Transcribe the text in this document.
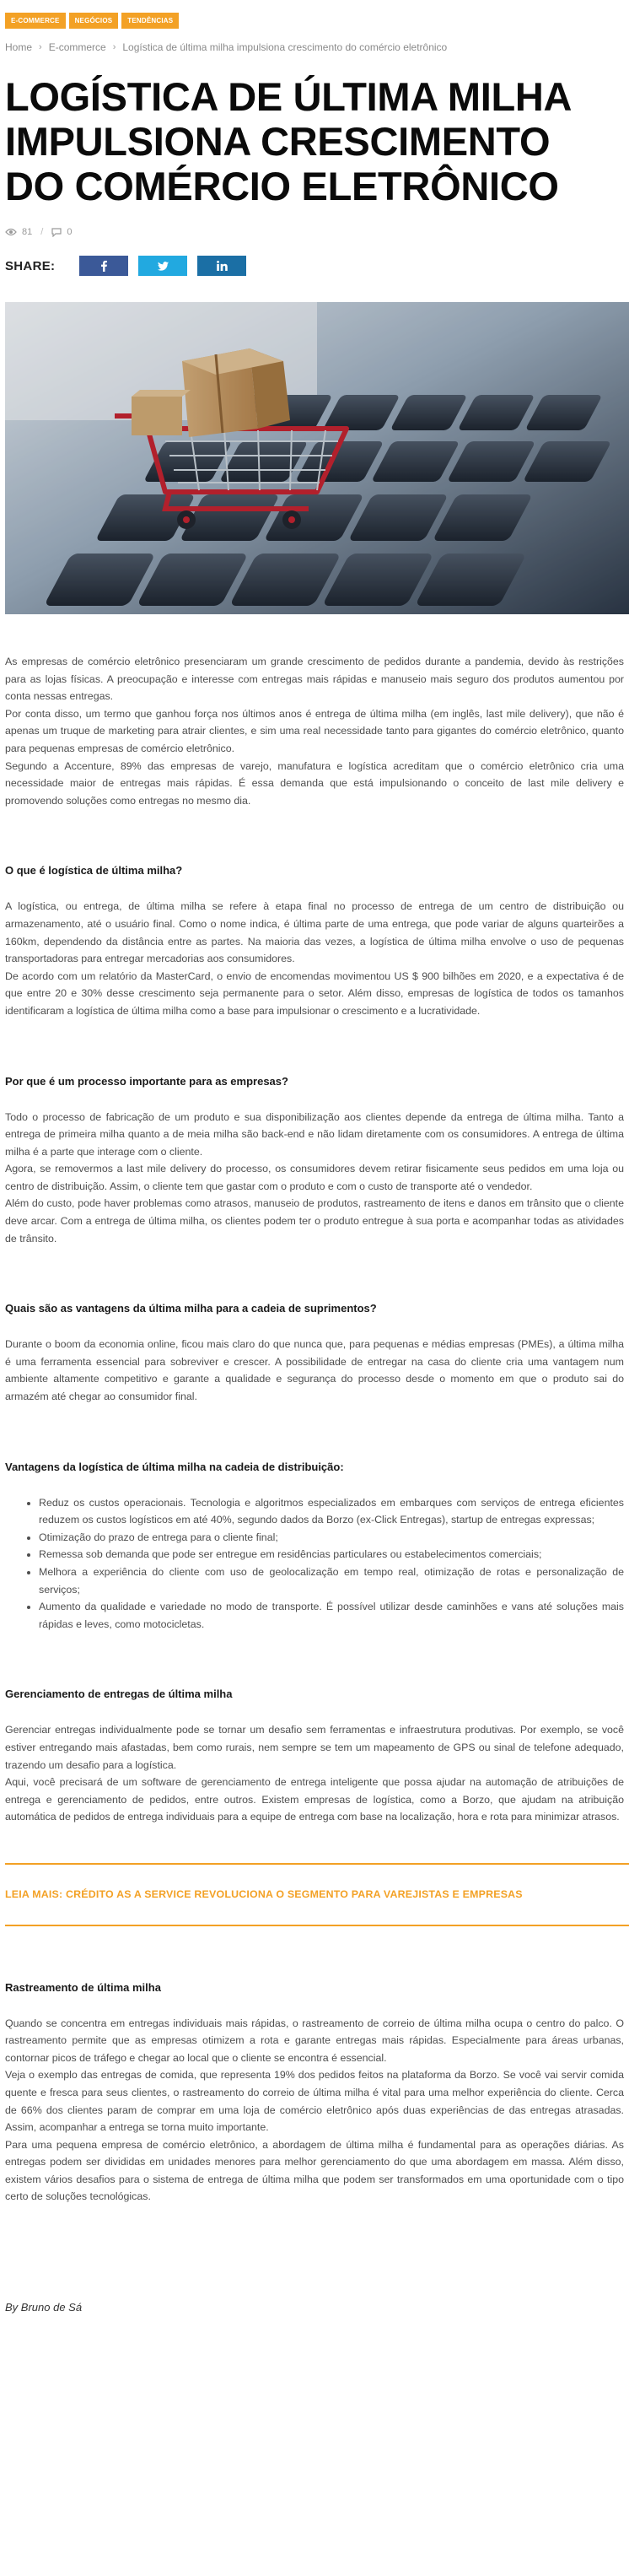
E-COMMERCE	NEGÓCIOS	TENDÊNCIAS
Home › E-commerce › Logística de última milha impulsiona crescimento do comércio eletrônico
LOGÍSTICA DE ÚLTIMA MILHA IMPULSIONA CRESCIMENTO DO COMÉRCIO ELETRÔNICO
81 /	0
SHARE:

As empresas de comércio eletrônico presenciaram um grande crescimento de pedidos durante a pandemia, devido às restrições para as lojas físicas. A preocupação e interesse com entregas mais rápidas e manuseio mais seguro dos produtos aumentou por conta nessas entregas.

Por conta disso, um termo que ganhou força nos últimos anos é entrega de última milha (em inglês, last mile delivery), que não é apenas um truque de marketing para atrair clientes, e sim uma real necessidade tanto para gigantes do comércio eletrônico, quanto para pequenas empresas de comércio eletrônico.

Segundo a Accenture, 89% das empresas de varejo, manufatura e logística acreditam que o comércio eletrônico cria uma necessidade maior de entregas mais rápidas. É essa demanda que está impulsionando o conceito de last mile delivery e promovendo soluções como entregas no mesmo dia.

O que é logística de última milha?

A logística, ou entrega, de última milha se refere à etapa final no processo de entrega de um centro de distribuição ou armazenamento, até o usuário final. Como o nome indica, é última parte de uma entrega, que pode variar de alguns quarteirões a 160km, dependendo da distância entre as partes. Na maioria das vezes, a logística de última milha envolve o uso de pequenas transportadoras para entregar mercadorias aos consumidores.

De acordo com um relatório da MasterCard, o envio de encomendas movimentou US $ 900 bilhões em 2020, e a expectativa é de que entre 20 e 30% desse crescimento seja permanente para o setor. Além disso, empresas de logística de todos os tamanhos identificaram a logística de última milha como a base para impulsionar o crescimento e a lucratividade.

Por que é um processo importante para as empresas?

Todo o processo de fabricação de um produto e sua disponibilização aos clientes depende da entrega de última milha. Tanto a entrega de primeira milha quanto a de meia milha são back-end e não lidam diretamente com os consumidores. A entrega de última milha é a parte que interage com o cliente.

Agora, se removermos a last mile delivery do processo, os consumidores devem retirar fisicamente seus pedidos em uma loja ou centro de distribuição. Assim, o cliente tem que gastar com o produto e com o custo de transporte até o vendedor.

Além do custo, pode haver problemas como atrasos, manuseio de produtos, rastreamento de itens e danos em trânsito que o cliente deve arcar. Com a entrega de última milha, os clientes podem ter o produto entregue à sua porta e acompanhar todas as atividades de trânsito.

Quais são as vantagens da última milha para a cadeia de suprimentos?

Durante o boom da economia online, ficou mais claro do que nunca que, para pequenas e médias empresas (PMEs), a última milha é uma ferramenta essencial para sobreviver e crescer. A possibilidade de entregar na casa do cliente cria uma vantagem num ambiente altamente competitivo e garante a qualidade e segurança do processo desde o momento em que o produto sai do armazém até chegar ao consumidor final.

Vantagens da logística de última milha na cadeia de distribuição:
• Reduz os custos operacionais. Tecnologia e algoritmos especializados em embarques com serviços de entrega eficientes reduzem os custos logísticos em até 40%, segundo dados da Borzo (ex-Click Entregas), startup de entregas expressas;
• Otimização do prazo de entrega para o cliente final;
• Remessa sob demanda que pode ser entregue em residências particulares ou estabelecimentos comerciais;
• Melhora a experiência do cliente com uso de geolocalização em tempo real, otimização de rotas e personalização de serviços;
• Aumento da qualidade e variedade no modo de transporte. É possível utilizar desde caminhões e vans até soluções mais rápidas e leves, como motocicletas.
Gerenciamento de entregas de última milha

Gerenciar entregas individualmente pode se tornar um desafio sem ferramentas e infraestrutura produtivas. Por exemplo, se você estiver entregando mais afastadas, bem como rurais, nem sempre se tem um mapeamento de GPS ou sinal de telefone adequado, trazendo um desafio para a logística.

Aqui, você precisará de um software de gerenciamento de entrega inteligente que possa ajudar na automação de atribuições de entrega e gerenciamento de pedidos, entre outros. Existem empresas de logística, como a Borzo, que ajudam na atribuição automática de pedidos de entrega individuais para a equipe de entrega com base na localização, hora e rota para minimizar atrasos.

LEIA MAIS: CRÉDITO AS A SERVICE REVOLUCIONA O SEGMENTO PARA VAREJISTAS E EMPRESAS
Rastreamento de última milha

Quando se concentra em entregas individuais mais rápidas, o rastreamento de correio de última milha ocupa o centro do palco. O rastreamento permite que as empresas otimizem a rota e garante entregas mais rápidas. Especialmente para áreas urbanas, contornar picos de tráfego e chegar ao local que o cliente se encontra é essencial.

Veja o exemplo das entregas de comida, que representa 19% dos pedidos feitos na plataforma da Borzo. Se você vai servir comida quente e fresca para seus clientes, o rastreamento do correio de última milha é vital para uma melhor experiência do cliente. Cerca de 66% dos clientes param de comprar em uma loja de comércio eletrônico após duas experiências de das entregas atrasadas. Assim, acompanhar a entrega se torna muito importante.

Para uma pequena empresa de comércio eletrônico, a abordagem de última milha é fundamental para as operações diárias. As entregas podem ser divididas em unidades menores para melhor gerenciamento do que uma abordagem em massa. Além disso, existem vários desafios para o sistema de entrega de última milha que podem ser transformados em uma oportunidade com o tipo certo de soluções tecnológicas.

By Bruno de Sá
